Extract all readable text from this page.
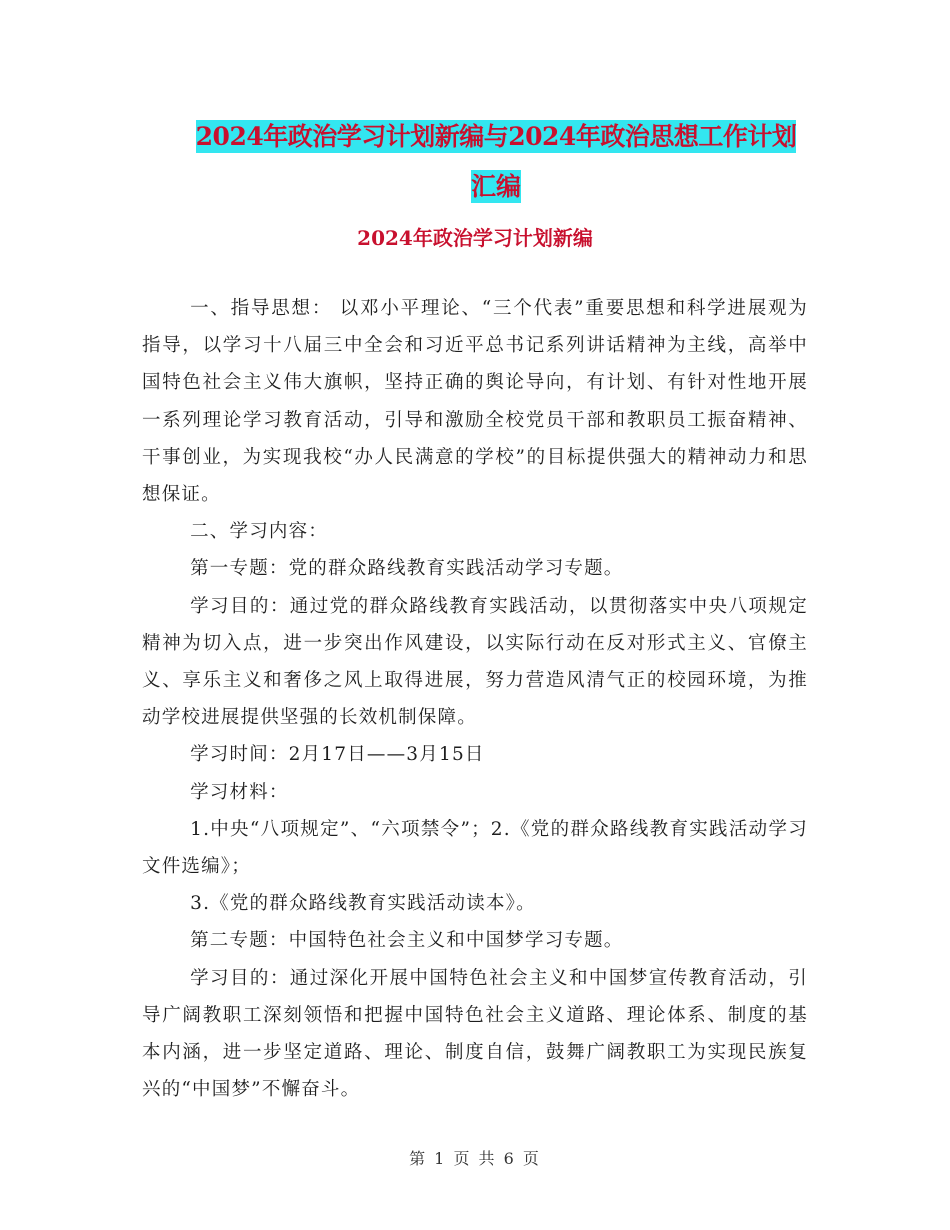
2024年政治学习计划新编与2024年政治思想工作计划
汇编
2024年政治学习计划新编

一、指导思想： 以邓小平理论、“三个代表”重要思想和科学进展观为指导，以学习十八届三中全会和习近平总书记系列讲话精神为主线，高举中国特色社会主义伟大旗帜，坚持正确的舆论导向，有计划、有针对性地开展一系列理论学习教育活动，引导和激励全校党员干部和教职员工振奋精神、干事创业，为实现我校“办人民满意的学校”的目标提供强大的精神动力和思想保证。

二、学习内容：

第一专题：党的群众路线教育实践活动学习专题。

学习目的：通过党的群众路线教育实践活动，以贯彻落实中央八项规定精神为切入点，进一步突出作风建设，以实际行动在反对形式主义、官僚主义、享乐主义和奢侈之风上取得进展，努力营造风清气正的校园环境，为推动学校进展提供坚强的长效机制保障。

学习时间：2月17日——3月15日

学习材料：

1.中央“八项规定”、“六项禁令”；2.《党的群众路线教育实践活动学习文件选编》；

3.《党的群众路线教育实践活动读本》。

第二专题：中国特色社会主义和中国梦学习专题。

学习目的：通过深化开展中国特色社会主义和中国梦宣传教育活动，引导广阔教职工深刻领悟和把握中国特色社会主义道路、理论体系、制度的基本内涵，进一步坚定道路、理论、制度自信，鼓舞广阔教职工为实现民族复兴的“中国梦”不懈奋斗。

第 1 页 共 6 页
